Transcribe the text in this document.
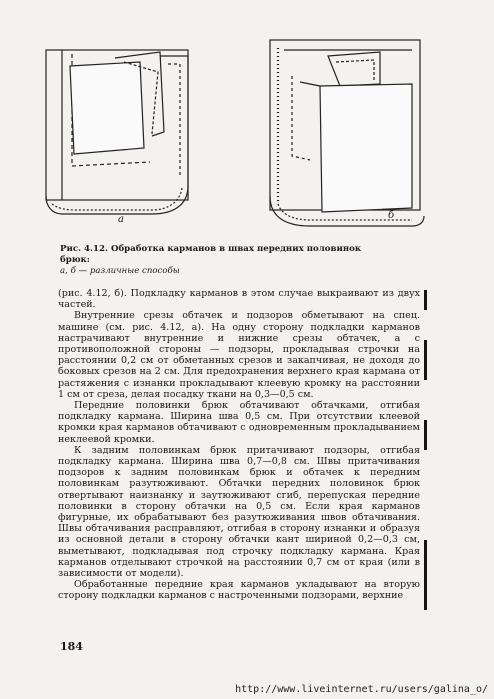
a	б
Рис. 4.12. Обработка карманов в швах передних половинок брюк:
а, б — различные способы

(рис. 4.12, б). Подкладку карманов в этом случае выкраивают из двух частей.

Внутренние срезы обтачек и подзоров обметывают на спец. машине (см. рис. 4.12, а). На одну сторону подкладки карманов настрачивают внутренние и нижние срезы обтачек, а с противоположной стороны — подзоры, прокладывая строчки на расстоянии 0,2 см от обметанных срезов и закапчивая, не доходя до боковых срезов на 2 см. Для предохранения верхнего края кармана от растяжения с изнанки прокладывают клеевую кромку на расстоянии 1 см от среза, делая посадку ткани на 0,3—0,5 см.

Передние половинки брюк обтачивают обтачками, отгибая подкладку кармана. Ширина шва 0,5 см. При отсутствии клеевой кромки края карманов обтачивают с одновременным прокладыванием неклеевой кромки.

К задним половинкам брюк притачивают подзоры, отгибая подкладку кармана. Ширина шва 0,7—0,8 см. Швы притачивания подзоров к задним половинкам брюк и обтачек к передним половинкам разутюживают. Обтачки передних половинок брюк отвертывают наизнанку и заутюживают сгиб, перепуская передние половинки в сторону обтачки на 0,5 см. Если края карманов фигурные, их обрабатывают без разутюживания швов обтачивания. Швы обтачивания расправляют, отгибая в сторону изнанки и образуя из основной детали в сторону обтачки кант шириной 0,2—0,3 см, выметывают, подкладывая под строчку подкладку кармана. Края карманов отделывают строчкой на расстоянии 0,7 см от края (или в зависимости от модели).

Обработанные передние края карманов укладывают на вторую сторону подкладки карманов с настроченными подзорами, верхние

184
http://www.liveinternet.ru/users/galina_o/
